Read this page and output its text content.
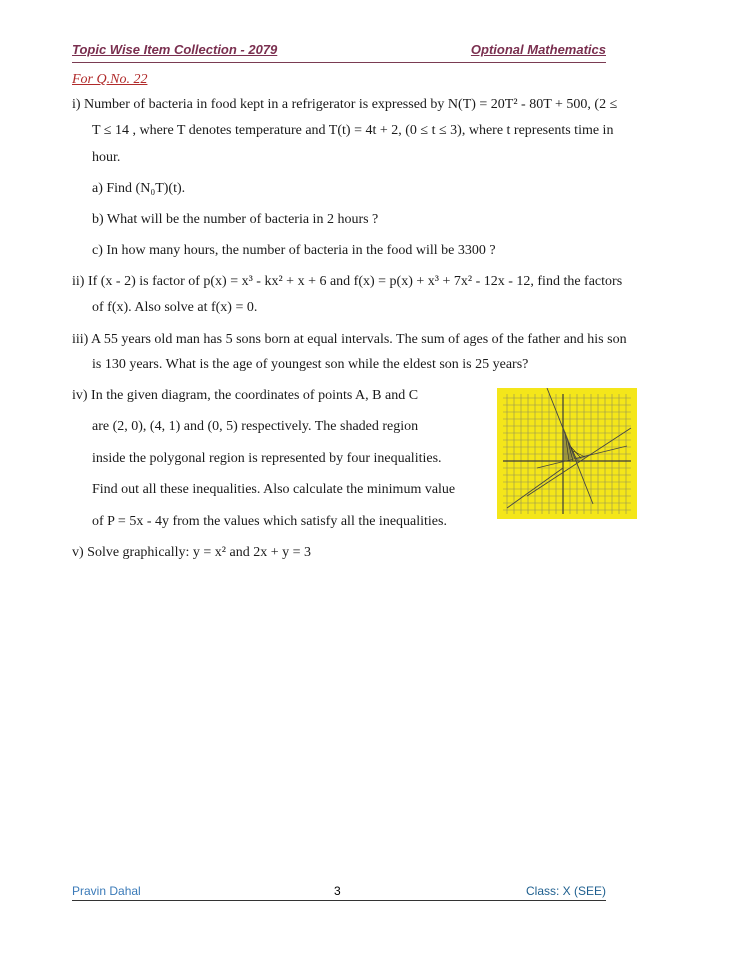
Topic Wise Item Collection - 2079	Optional Mathematics
For Q.No. 22
i) Number of bacteria in food kept in a refrigerator is expressed by N(T) = 20T² - 80T + 500, (2 ≤
T ≤ 14 , where T denotes temperature and T(t) = 4t + 2, (0 ≤ t ≤ 3), where t represents time in
hour.
a) Find (N₀T)(t).
b) What will be the number of bacteria in 2 hours ?
c) In how many hours, the number of bacteria in the food will be 3300 ?
ii) If (x - 2) is factor of p(x) = x³ - kx² + x + 6 and f(x) = p(x) + x³ + 7x² - 12x - 12, find the factors
of f(x). Also solve at f(x) = 0.
iii) A 55 years old man has 5 sons born at equal intervals. The sum of ages of the father and his son
is 130 years. What is the age of youngest son while the eldest son is 25 years?
iv) In the given diagram, the coordinates of points A, B and C
are (2, 0), (4, 1) and (0, 5) respectively. The shaded region
inside the polygonal region is represented by four inequalities.
Find out all these inequalities. Also calculate the minimum value
of P = 5x - 4y from the values which satisfy all the inequalities.
v) Solve graphically: y = x² and 2x + y = 3
Pravin Dahal	3	Class: X (SEE)
